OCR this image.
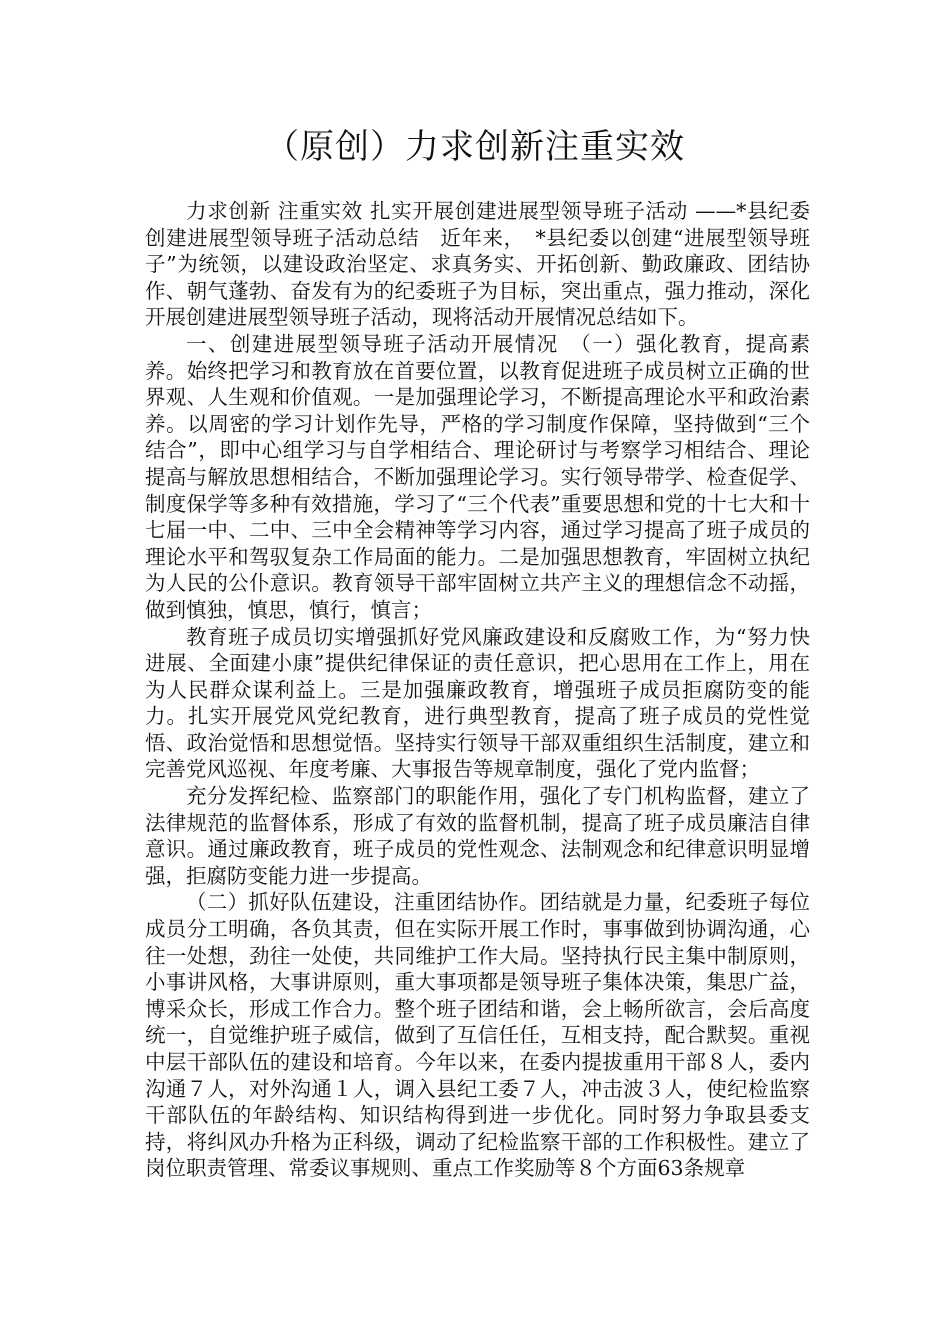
（原创）力求创新注重实效

力求创新 注重实效 扎实开展创建进展型领导班子活动 ——*县纪委创建进展型领导班子活动总结　近年来，　*县纪委以创建“进展型领导班子”为统领，以建设政治坚定、求真务实、开拓创新、勤政廉政、团结协作、朝气蓬勃、奋发有为的纪委班子为目标，突出重点，强力推动，深化开展创建进展型领导班子活动，现将活动开展情况总结如下。

一、创建进展型领导班子活动开展情况　（一）强化教育，提高素养。始终把学习和教育放在首要位置，以教育促进班子成员树立正确的世界观、人生观和价值观。一是加强理论学习，不断提高理论水平和政治素养。以周密的学习计划作先导，严格的学习制度作保障，坚持做到“三个结合”，即中心组学习与自学相结合、理论研讨与考察学习相结合、理论提高与解放思想相结合，不断加强理论学习。实行领导带学、检查促学、制度保学等多种有效措施，学习了“三个代表”重要思想和党的十七大和十七届一中、二中、三中全会精神等学习内容，通过学习提高了班子成员的理论水平和驾驭复杂工作局面的能力。二是加强思想教育，牢固树立执纪为人民的公仆意识。教育领导干部牢固树立共产主义的理想信念不动摇，做到慎独，慎思，慎行，慎言；

教育班子成员切实增强抓好党风廉政建设和反腐败工作，为“努力快进展、全面建小康”提供纪律保证的责任意识，把心思用在工作上，用在为人民群众谋利益上。三是加强廉政教育，增强班子成员拒腐防变的能力。扎实开展党风党纪教育，进行典型教育，提高了班子成员的党性觉悟、政治觉悟和思想觉悟。坚持实行领导干部双重组织生活制度，建立和完善党风巡视、年度考廉、大事报告等规章制度，强化了党内监督；

充分发挥纪检、监察部门的职能作用，强化了专门机构监督，建立了法律规范的监督体系，形成了有效的监督机制，提高了班子成员廉洁自律意识。通过廉政教育，班子成员的党性观念、法制观念和纪律意识明显增强，拒腐防变能力进一步提高。

（二）抓好队伍建设，注重团结协作。团结就是力量，纪委班子每位成员分工明确，各负其责，但在实际开展工作时，事事做到协调沟通，心往一处想，劲往一处使，共同维护工作大局。坚持执行民主集中制原则，小事讲风格，大事讲原则，重大事项都是领导班子集体决策，集思广益，博采众长，形成工作合力。整个班子团结和谐，会上畅所欲言，会后高度统一，自觉维护班子威信，做到了互信任任，互相支持，配合默契。重视中层干部队伍的建设和培育。今年以来，在委内提拔重用干部８人，委内沟通７人，对外沟通１人，调入县纪工委７人，冲击波３人，使纪检监察干部队伍的年龄结构、知识结构得到进一步优化。同时努力争取县委支持，将纠风办升格为正科级，调动了纪检监察干部的工作积极性。建立了岗位职责管理、常委议事规则、重点工作奖励等８个方面63条规章
